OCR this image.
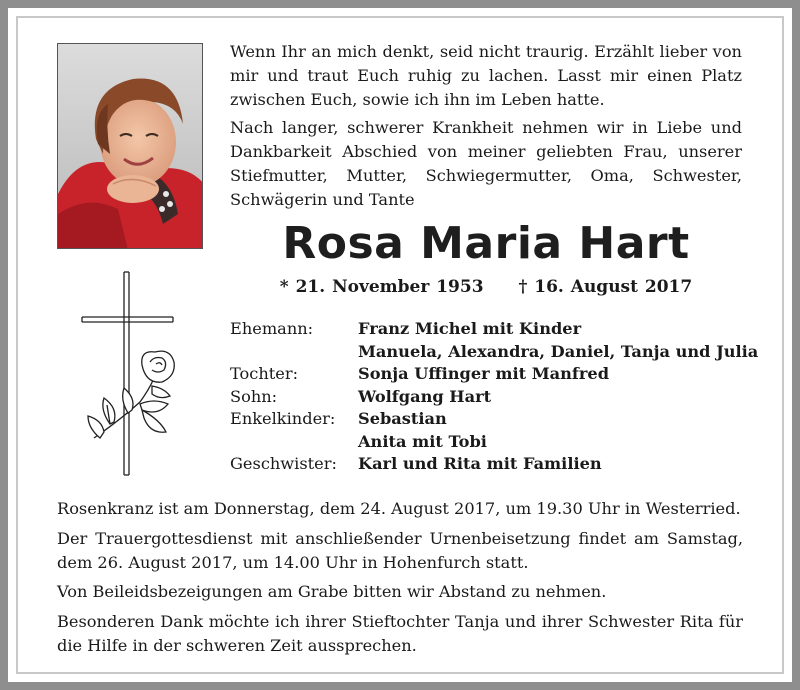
Wenn Ihr an mich denkt, seid nicht traurig. Erzählt lieber von mir und traut Euch ruhig zu lachen. Lasst mir einen Platz zwischen Euch, sowie ich ihn im Leben hatte.
Nach langer, schwerer Krankheit nehmen wir in Liebe und Dankbarkeit Abschied von meiner geliebten Frau, unserer Stiefmutter, Mutter, Schwiegermutter, Oma, Schwester, Schwägerin und Tante
Rosa Maria Hart
* 21. November 1953 † 16. August 2017
Ehemann:	Franz Michel mit Kinder
Manuela, Alexandra, Daniel, Tanja und Julia
Tochter:	Sonja Uffinger mit Manfred
Sohn:	Wolfgang Hart
Enkelkinder:	Sebastian
Anita mit Tobi
Geschwister:	Karl und Rita mit Familien
Rosenkranz ist am Donnerstag, dem 24. August 2017, um 19.30 Uhr in Westerried.
Der Trauergottesdienst mit anschließender Urnenbeisetzung findet am Samstag, dem 26. August 2017, um 14.00 Uhr in Hohenfurch statt.
Von Beileidsbezeigungen am Grabe bitten wir Abstand zu nehmen.
Besonderen Dank möchte ich ihrer Stieftochter Tanja und ihrer Schwester Rita für die Hilfe in der schweren Zeit aussprechen.
